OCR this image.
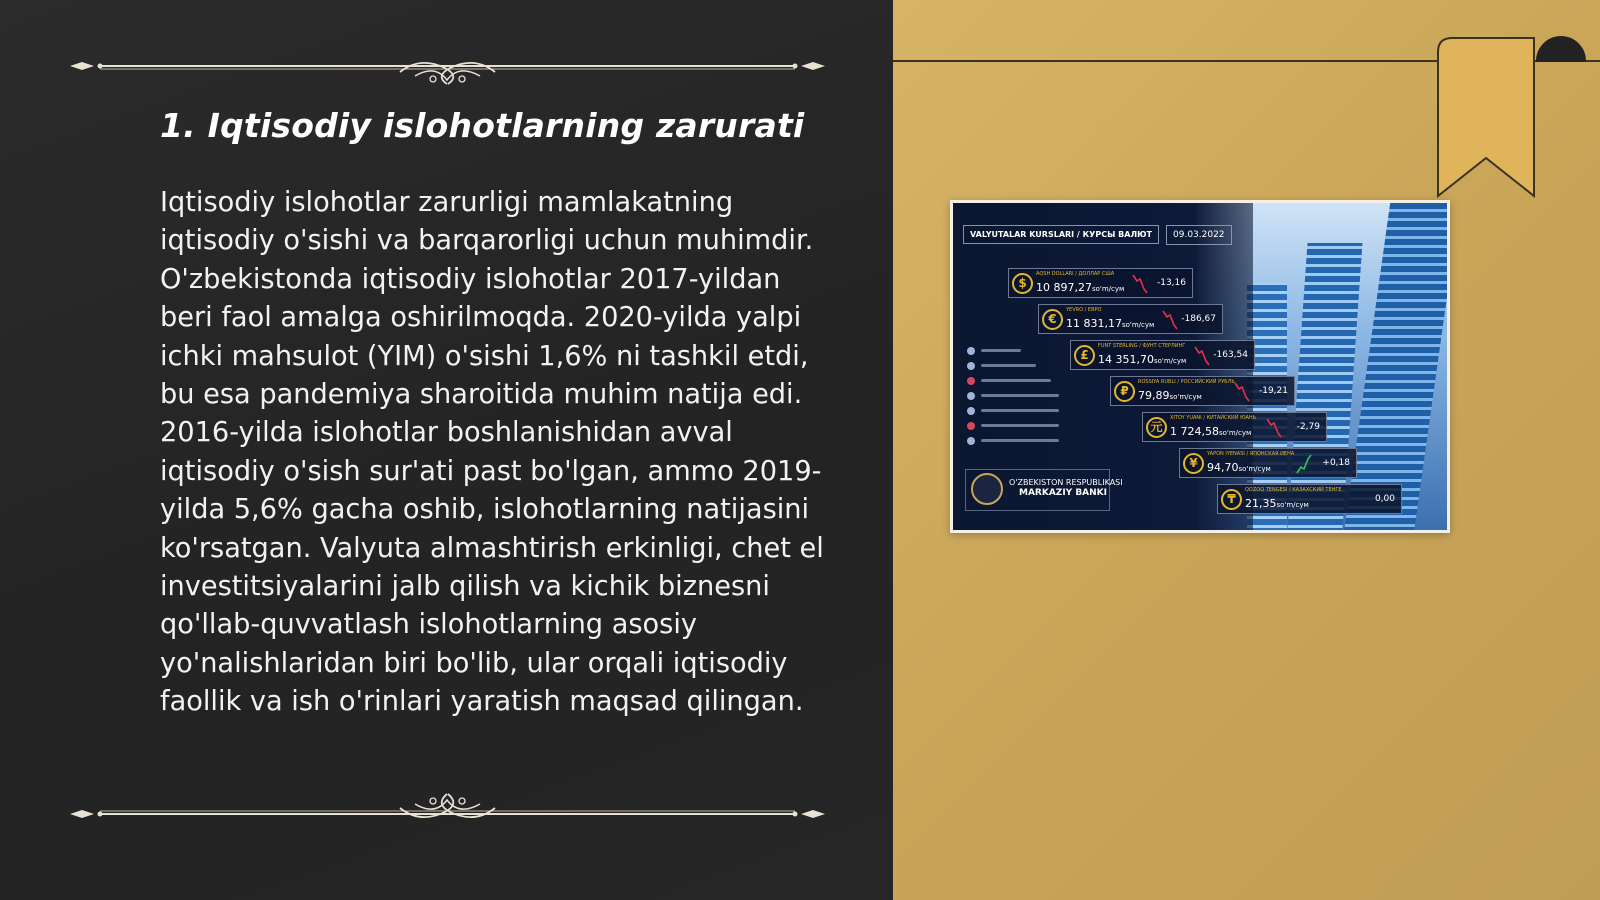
1. Iqtisodiy islohotlarning zarurati
Iqtisodiy islohotlar zarurligi mamlakatning iqtisodiy o'sishi va barqarorligi uchun muhimdir. O'zbekistonda iqtisodiy islohotlar 2017-yildan beri faol amalga oshirilmoqda. 2020-yilda yalpi ichki mahsulot (YIM) o'sishi 1,6% ni tashkil etdi, bu esa pandemiya sharoitida muhim natija edi. 2016-yilda islohotlar boshlanishidan avval iqtisodiy o'sish sur'ati past bo'lgan, ammo 2019-yilda 5,6% gacha oshib, islohotlarning natijasini ko'rsatgan. Valyuta almashtirish erkinligi, chet el investitsiyalarini jalb qilish va kichik biznesni qo'llab-quvvatlash islohotlarning asosiy yo'nalishlaridan biri bo'lib, ular orqali iqtisodiy faollik va ish o'rinlari yaratish maqsad qilingan.
VALYUTALAR KURSLARI / КУРСЫ ВАЛЮТ	09.03.2022
$
AQSH DOLLARI / ДОЛЛАР США
10 897,27so'm/сум
-13,16
€
YEVRO / ЕВРО
11 831,17so'm/сум
-186,67
£
FUNT STERLING / ФУНТ СТЕРЛИНГ
14 351,70so'm/сум
-163,54
₽
ROSSIYA RUBLI / РОССИЙСКИЙ РУБЛЬ
79,89so'm/сум
-19,21
元
XITOY YUANI / КИТАЙСКИЙ ЮАНЬ
1 724,58so'm/сум
-2,79
¥
YAPON IYENASI / ЯПОНСКАЯ ИЕНА
94,70so'm/сум
+0,18
₸
QOZOQ TENGESI / КАЗАХСКИЙ ТЕНГЕ
21,35so'm/сум
0,00
O'ZBEKISTON RESPUBLIKASI
MARKAZIY BANKI
